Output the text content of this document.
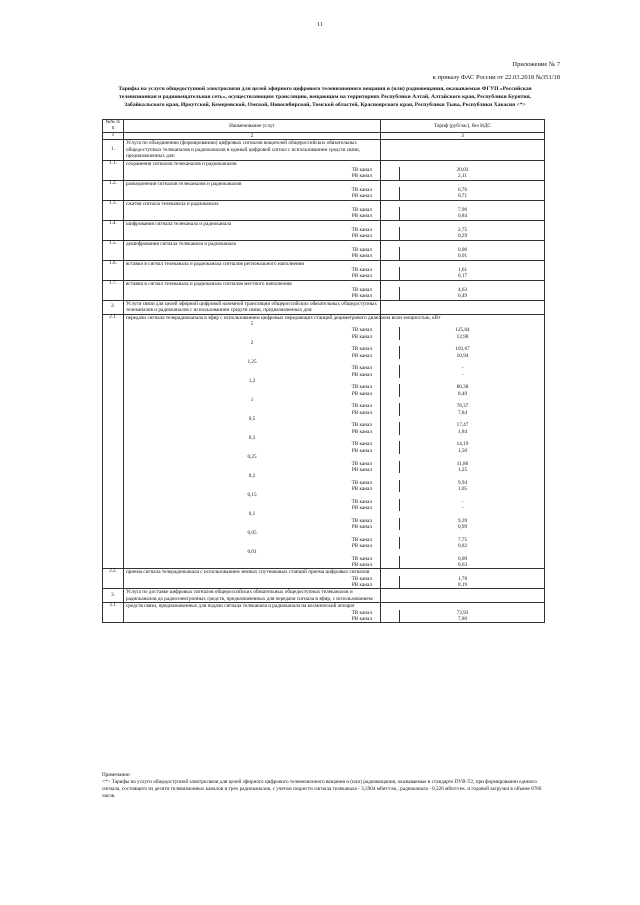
11
Приложение № 7
к приказу ФАС России от 22.03.2018 №351/18
Тарифы на услуги общедоступной электросвязи для целей эфирного цифрового телевизионного вещания и (или) радиовещания, оказываемые ФГУП «Российская телевизионная и радиовещательная сеть», осуществляющим трансляцию, вещающим на территориях Республики Алтай, Алтайского края, Республики Бурятия, Забайкальского края, Иркутской, Кемеровской, Омской, Новосибирской, Томской областей, Красноярского края, Республики Тыва, Республики Хакасия <*>
№№ п/п	Наименование услуг	Тариф (руб/час), без НДС
1	2	3
1.	Услуга по объединению (формированию) цифровых сигналов вещателей общероссийских обязательных общедоступных телеканалов и радиоканалов в единый цифровой сигнал с использованием средств связи, предназначенных для:	
1.1.	сохранения сигналов телеканалов и радиоканалов	
	ТВ канал	20,03
	РВ канал	2,11
1.2.	разъединения сигналов телеканалов и радиоканалов	
	ТВ канал	6,76
	РВ канал	0,71
1.3.	сжатия сигнала телеканала и радиоканала	
	ТВ канал	7,96
	РВ канал	0,84
1.4.	шифрования сигнала телеканала и радиоканала	
	ТВ канал	2,75
	РВ канал	0,29
1.5.	дешифрования сигнала телеканала и радиоканала	
	ТВ канал	0,06
	РВ канал	0,01
1.6.	вставки в сигнал телеканала и радиоканала сигналов регионального наполнения	
	ТВ канал	1,61
	РВ канал	0,17
1.7.	вставки в сигнал телеканала и радиоканала сигналов местного наполнения	
	ТВ канал	4,63
	РВ канал	0,49
2.	Услуги связи для целей эфирной цифровой наземной трансляции общероссийских обязательных общедоступных телеканалов и радиоканалов с использованием средств связи, предназначенных для:	
2.1.	передачи сигнала телерадиоканала в эфир с использованием цифровых передающих станций дециметрового диапазона волн мощностью, кВт	
	5	
	ТВ канал	125,04
	РВ канал	12,98
	2	
	ТВ канал	103,67
	РВ канал	10,94
	1,25	
	ТВ канал	-
	РВ канал	-
	1,2	
	ТВ канал	80,38
	РВ канал	8,49
	1	
	ТВ канал	78,37
	РВ канал	7,84
	0,5	
	ТВ канал	17,47
	РВ канал	1,84
	0,3	
	ТВ канал	14,19
	РВ канал	1,50
	0,25	
	ТВ канал	11,80
	РВ канал	1,25
	0,2	
	ТВ канал	9,94
	РВ канал	1,05
	0,15	
	ТВ канал	-
	РВ канал	-
	0,1	
	ТВ канал	9,39
	РВ канал	0,99
	0,05	
	ТВ канал	7,75
	РВ канал	0,82
	0,01	
	ТВ канал	6,00
	РВ канал	0,63
2.2.	приема сигнала телерадиоканала с использованием земных спутниковых станций приема цифровых сигналов	
	ТВ канал	1,78
	РВ канал	0,19
3.	Услуга по доставке цифровых сигналов общероссийских обязательных общедоступных телеканалов и радиоканалов до радиоэлектронных средств, предназначенных для передачи сигнала в эфир, с использованием:	
3.1.	средств связи, предназначенных для подачи сигнала телеканала и радиоканала на космический аппарат	
	ТВ канал	73,93
	РВ канал	7,80
Примечание:
<*> Тарифы на услуги общедоступной электросвязи для целей эфирного цифрового телевизионного вещания и (или) радиовещания, оказываемые в стандарте DVB-T2, при формировании единого сигнала, состоящего из десяти телевизионных каналов и трех радиоканалов, с учетом скорости сигнала телеканала - 3,5904 мбит/сек., радиоканала - 0,326 мбит/сек. и годовой загрузки в объеме 8760 часов.
